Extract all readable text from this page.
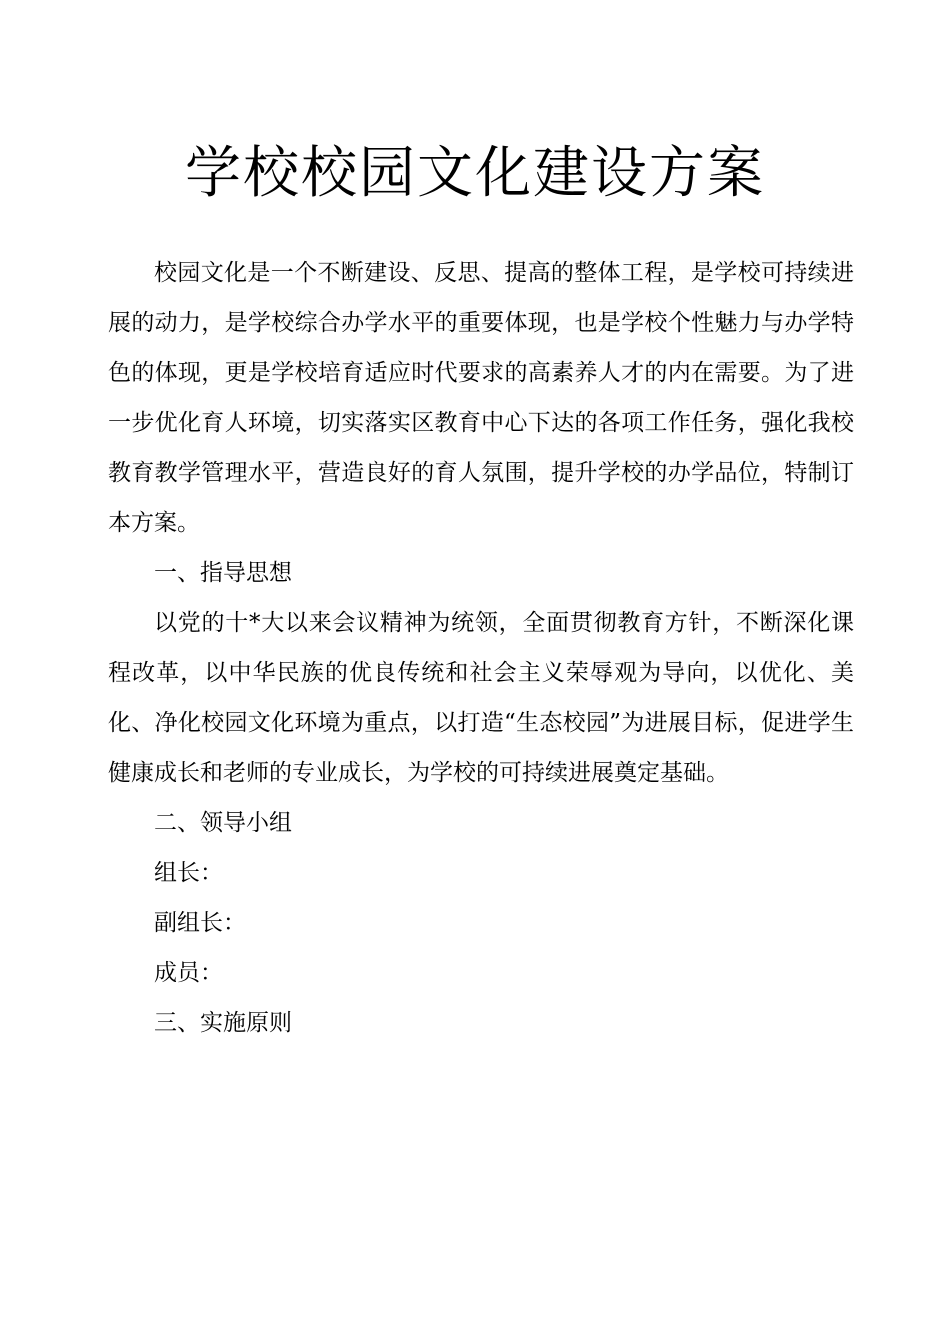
学校校园文化建设方案

校园文化是一个不断建设、反思、提高的整体工程，是学校可持续进展的动力，是学校综合办学水平的重要体现，也是学校个性魅力与办学特色的体现，更是学校培育适应时代要求的高素养人才的内在需要。为了进一步优化育人环境，切实落实区教育中心下达的各项工作任务，强化我校教育教学管理水平，营造良好的育人氛围，提升学校的办学品位，特制订本方案。

一、指导思想

以党的十*大以来会议精神为统领，全面贯彻教育方针，不断深化课程改革，以中华民族的优良传统和社会主义荣辱观为导向，以优化、美化、净化校园文化环境为重点，以打造“生态校园”为进展目标，促进学生健康成长和老师的专业成长，为学校的可持续进展奠定基础。

二、领导小组

组长：

副组长：

成员：

三、实施原则
